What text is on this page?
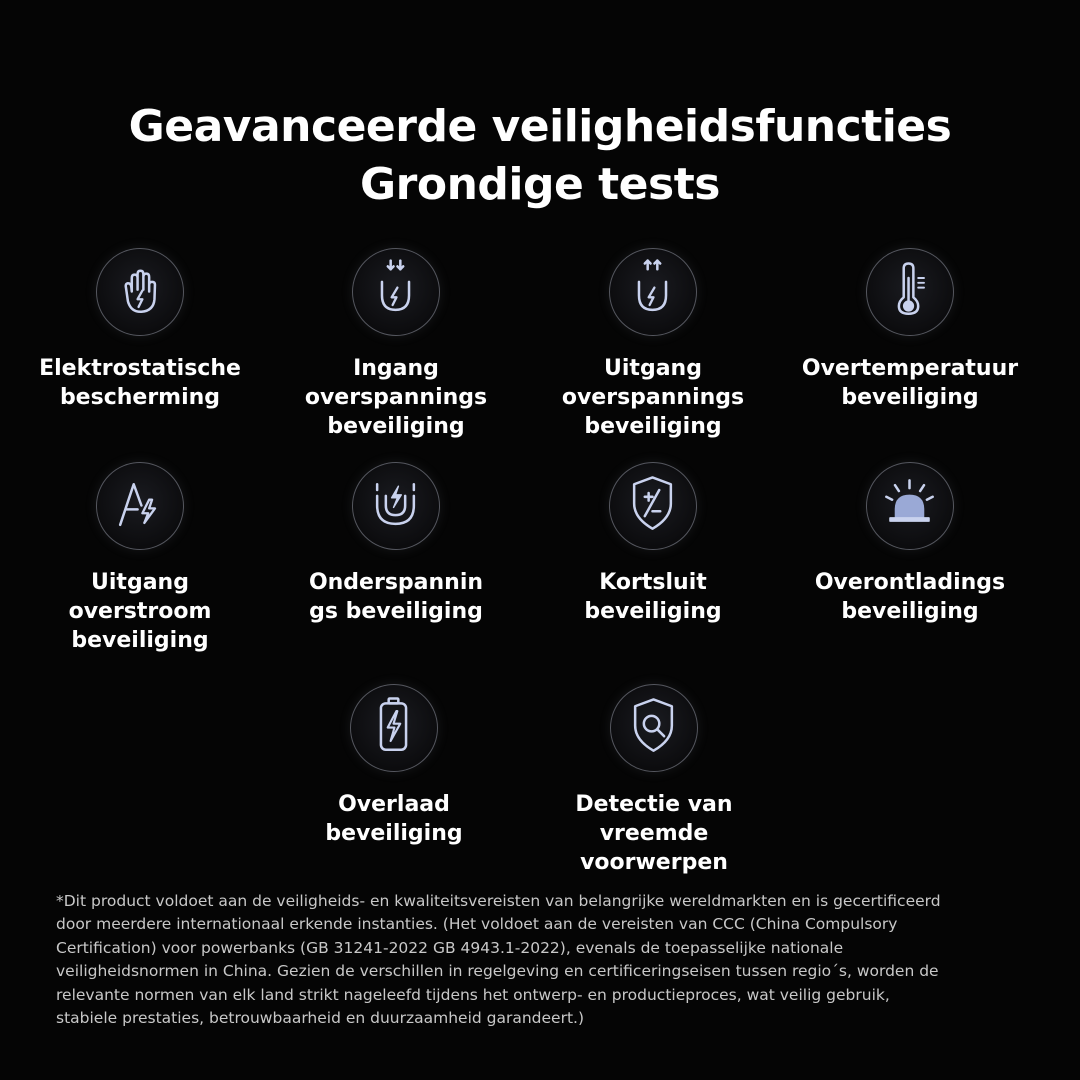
Geavanceerde veiligheidsfuncties
Grondige tests
Elektrostatische
bescherming
Ingang
overspannings
beveiliging
Uitgang
overspannings
beveiliging
Overtemperatuur
beveiliging
Uitgang
overstroom
beveiliging
Onderspannin
gs beveiliging
Kortsluit
beveiliging
Overontladings
beveiliging
Overlaad
beveiliging
Detectie van
vreemde
voorwerpen
*Dit product voldoet aan de veiligheids- en kwaliteitsvereisten van belangrijke wereldmarkten en is gecertificeerd
door meerdere internationaal erkende instanties. (Het voldoet aan de vereisten van CCC (China Compulsory
Certification) voor powerbanks (GB 31241-2022 GB 4943.1-2022), evenals de toepasselijke nationale
veiligheidsnormen in China. Gezien de verschillen in regelgeving en certificeringseisen tussen regio´s, worden de
relevante normen van elk land strikt nageleefd tijdens het ontwerp- en productieproces, wat veilig gebruik,
stabiele prestaties, betrouwbaarheid en duurzaamheid garandeert.)
